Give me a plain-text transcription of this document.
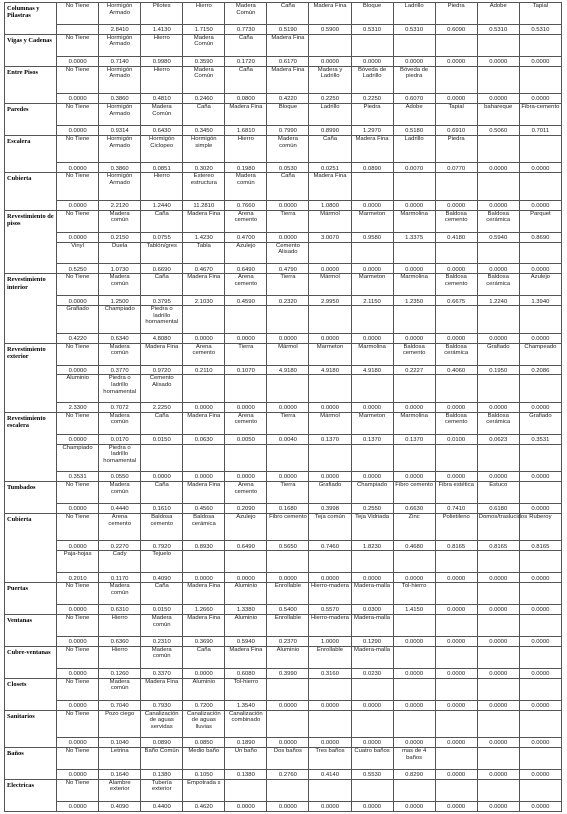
Columnas y Pilastras	No Tiene	Hormigón Armado	Pilotes	Hierro	Madera Común	Caña	Madera Fina	Bloque	Ladrillo	Piedra	Adobe	Tapial
		2.8410	1.4130	1.7150	0.7730	0.5190	0.5900	0.5310	0.5310	0.6090	0.5310	0.5310
Vigas y Cadenas	No Tiene	Hormigón Armado	Hierro	Madera Común	Caña	Madera Fina						
	0.0000	0.7140	0.9980	0.3590	0.1720	0.6170	0.0000	0.0000	0.0000	0.0000	0.0000	0.0000
Entre Pisos	No Tiene	Hormigón Armado	Hierro	Madera Común	Caña	Madera Fina	Madera y Ladrillo	Bóveda de Ladrillo	Bóveda de piedra			
	0.0000	0.3860	0.4810	0.2460	0.0800	0.4220	0.2250	0.2250	0.6070	0.0000	0.0000	0.0000
Paredes	No Tiene	Hormigón Armado	Madera Común	Caña	Madera Fina	Bloque	Ladrillo	Piedra	Adobe	Tapial	bahareque	Fibra-cemento
	0.0000	0.9314	0.6430	0.3450	1.6810	0.7990	0.8990	1.2970	0.5180	0.6910	0.5060	0.7011
Escalera	No Tiene	Hormigón Armado	Hormigón Ciclopeo	Hormigón simple	Hierro	Madera común	Caña	Madera Fina	Ladrillo	Piedra		
	0.0000	0.3860	0.0851	0.3020	0.1980	0.0530	0.0251	0.0890	0.0070	0.0770	0.0000	0.0000
Cubierta	No Tiene	Hormigón Armado	Hierro	Estereo estructura	Madera común	Caña	Madera Fina					
	0.0000	2.2120	1.2440	11.2810	0.7660	0.0000	1.0800	0.0000	0.0000	0.0000	0.0000	0.0000
Revestimiento de pisos	No Tiene	Madera común	Caña	Madera Fina	Arena cemento	Tierra	Mármol	Marmeton	Marmolina	Baldosa cemento	Baldosa cerámica	Parquet
	0.0000	0.2150	0.0755	1.4230	0.4700	0.0000	3.0070	0.9580	1.3375	0.4180	0.5940	0.8690
	Vinyl	Duela	Tablón/gres	Tabla	Azulejo	Cemento Alisado						
	0.5250	1.0730	0.6690	0.4670	0.6490	0.4790	0.0000	0.0000	0.0000	0.0000	0.0000	0.0000
Revestimiento interior	No Tiene	Madera común	Caña	Madera Fina	Arena cemento	Tierra	Mármol	Marmeton	Marmolina	Baldosa cemento	Baldosa cerámica	Azulejo
	0.0000	1.2500	0.3795	2.1030	0.4590	0.2320	2.9950	2.1150	1.2350	0.6675	1.2240	1.3940
	Grafiado	Champiado	Piedra o ladrillo hornamental									
	0.4220	0.6340	4.8080	0.0000	0.0000	0.0000	0.0000	0.0000	0.0000	0.0000	0.0000	0.0000
Revestimiento exterior	No Tiene	Madera común	Madera Fina	Arena cemento	Tierra	Mármol	Marmeton	Marmolina	Baldosa cemento	Baldosa cerámica	Grafiado	Champeado
	0.0000	0.3770	0.9720	0.2110	0.1070	4.9180	4.9180	4.9180	0.2227	0.4060	0.1950	0.2086
	Aluminio	Piedra o ladrillo hornamental	Cemento Alisado									
	2.3300	0.7072	2.2250	0.0000	0.0000	0.0000	0.0000	0.0000	0.0000	0.0000	0.0000	0.0000
Revestimiento escalera	No Tiene	Madera común	Caña	Madera Fina	Arena cemento	Tierra	Mármol	Marmeton	Marmolina	Baldosa cemento	Baldosa cerámica	Grafiado
	0.0000	0.0170	0.0150	0.0630	0.0050	0.0040	0.1370	0.1370	0.1370	0.0100	0.0623	0.3531
	Champiado	Piedra o ladrillo hornamental										
	0.3531	0.0550	0.0000	0.0000	0.0000	0.0000	0.0000	0.0000	0.0000	0.0000	0.0000	0.0000
Tumbados	No Tiene	Madera común	Caña	Madera Fina	Arena cemento	Tierra	Grafiado	Champiado	Fibro cemento	Fibra estética	Estuco	
	0.0000	0.4440	0.1610	0.4560	0.2090	0.1680	0.3998	0.2550	0.6630	0.7410	0.6180	0.0000
Cubierta	No Tiene	Arena cemento	Baldosa cemento	Baldosa cerámica	Azulejo	Fibro cemento	Teja común	Teja Vidriada	Zinc	Polietileno	Domos/traslucidos	Ruberoy
	0.0000	0.2270	0.7920	0.8930	0.6490	0.5650	0.7460	1.8230	0.4680	0.8165	0.8165	0.8165
	Paja-hojas	Cady	Tejuelo									
	0.2010	0.1170	0.4090	0.0000	0.0000	0.0000	0.0000	0.0000	0.0000	0.0000	0.0000	0.0000
Puertas	No Tiene	Madera común	Caña	Madera Fina	Aluminio	Enrollable	Hierro-madera	Madera-malla	Tol-hierro			
	0.0000	0.6310	0.0150	1.2660	1.3380	0.5400	0.5570	0.0300	1.4150	0.0000	0.0000	0.0000
Ventanas	No Tiene	Hierro	Madera común	Madera Fina	Aluminio	Enrollable	Hierro-madera	Madera-malla				
	0.0000	0.6360	0.2310	0.3690	0.5940	0.2370	1.0000	0.1290	0.0000	0.0000	0.0000	0.0000
Cubre-ventanas	No Tiene	Hierro	Madera común	Caña	Madera Fina	Aluminio	Enrollable	Madera-malla				
	0.0000	0.1260	0.3370	0.0000	0.6080	0.3990	0.3160	0.0230	0.0000	0.0000	0.0000	0.0000
Closets	No Tiene	Madera común	Madera Fina	Aluminio	Tol-hierro							
	0.0000	0.7040	0.7930	0.7200	1.3540	0.0000	0.0000	0.0000	0.0000	0.0000	0.0000	0.0000
Sanitarios	No Tiene	Pozo ciego	Canalización de aguas servidas	Canalización de aguas lluvias	Canalización combinado							
	0.0000	0.1040	0.0890	0.0850	0.1890	0.0000	0.0000	0.0000	0.0000	0.0000	0.0000	0.0000
Baños	No Tiene	Letrina	Baño Común	Medio baño	Un baño	Dos baños	Tres baños	Cuatro baños	mas de 4 baños			
	0.0000	0.1640	0.1380	0.1050	0.1380	0.2760	0.4140	0.5530	0.8290	0.0000	0.0000	0.0000
Electricas	No Tiene	Alambre exterior	Tubería exterior	Empotrada s								
	0.0000	0.4090	0.4400	0.4620	0.0000	0.0000	0.0000	0.0000	0.0000	0.0000	0.0000	0.0000
